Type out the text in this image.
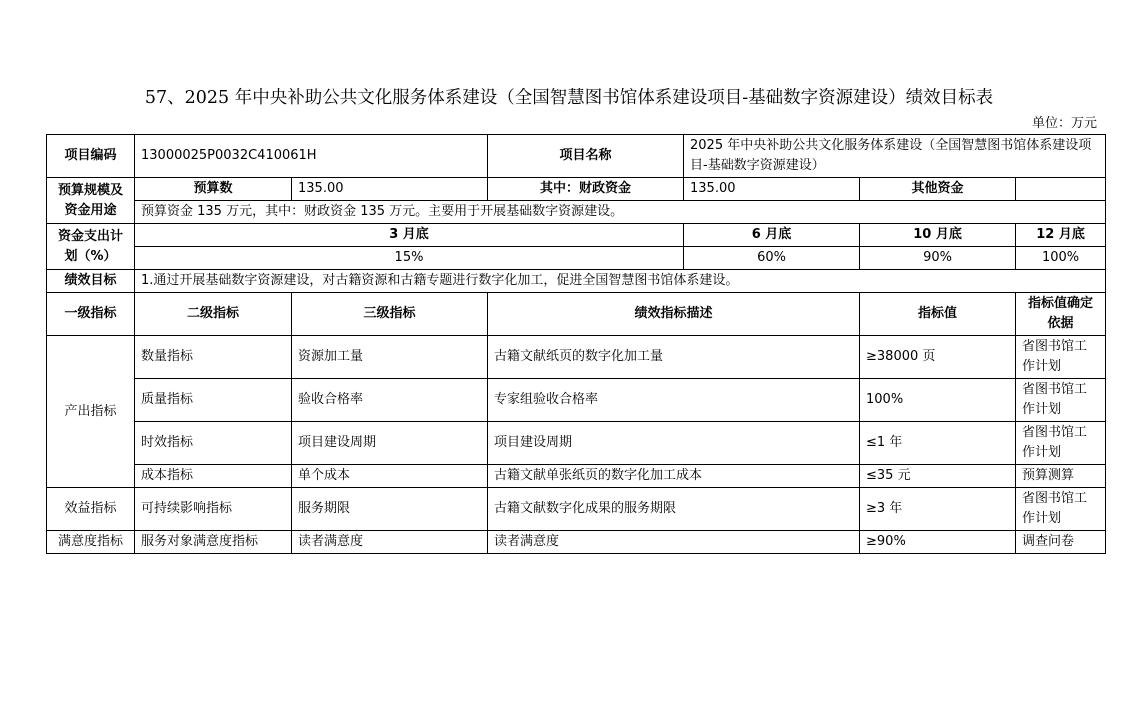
57、2025 年中央补助公共文化服务体系建设（全国智慧图书馆体系建设项目-基础数字资源建设）绩效目标表
单位：万元
项目编码	13000025P0032C410061H		项目名称	2025 年中央补助公共文化服务体系建设（全国智慧图书馆体系建设项目-基础数字资源建设）		
预算规模及资金用途	预算数	135.00	其中：财政资金	135.00	其他资金	
	预算资金 135 万元，其中：财政资金 135 万元。主要用于开展基础数字资源建设。					
资金支出计划（%）	3 月底			6 月底	10 月底	12 月底
	15%			60%	90%	100%
绩效目标	1.通过开展基础数字资源建设，对古籍资源和古籍专题进行数字化加工，促进全国智慧图书馆体系建设。					
一级指标	二级指标	三级指标	绩效指标描述		指标值	指标值确定依据
产出指标	数量指标	资源加工量	古籍文献纸页的数字化加工量		≥38000 页	省图书馆工作计划
	质量指标	验收合格率	专家组验收合格率		100%	省图书馆工作计划
	时效指标	项目建设周期	项目建设周期		≤1 年	省图书馆工作计划
	成本指标	单个成本	古籍文献单张纸页的数字化加工成本		≤35 元	预算测算
效益指标	可持续影响指标	服务期限	古籍文献数字化成果的服务期限		≥3 年	省图书馆工作计划
满意度指标	服务对象满意度指标	读者满意度	读者满意度		≥90%	调查问卷
